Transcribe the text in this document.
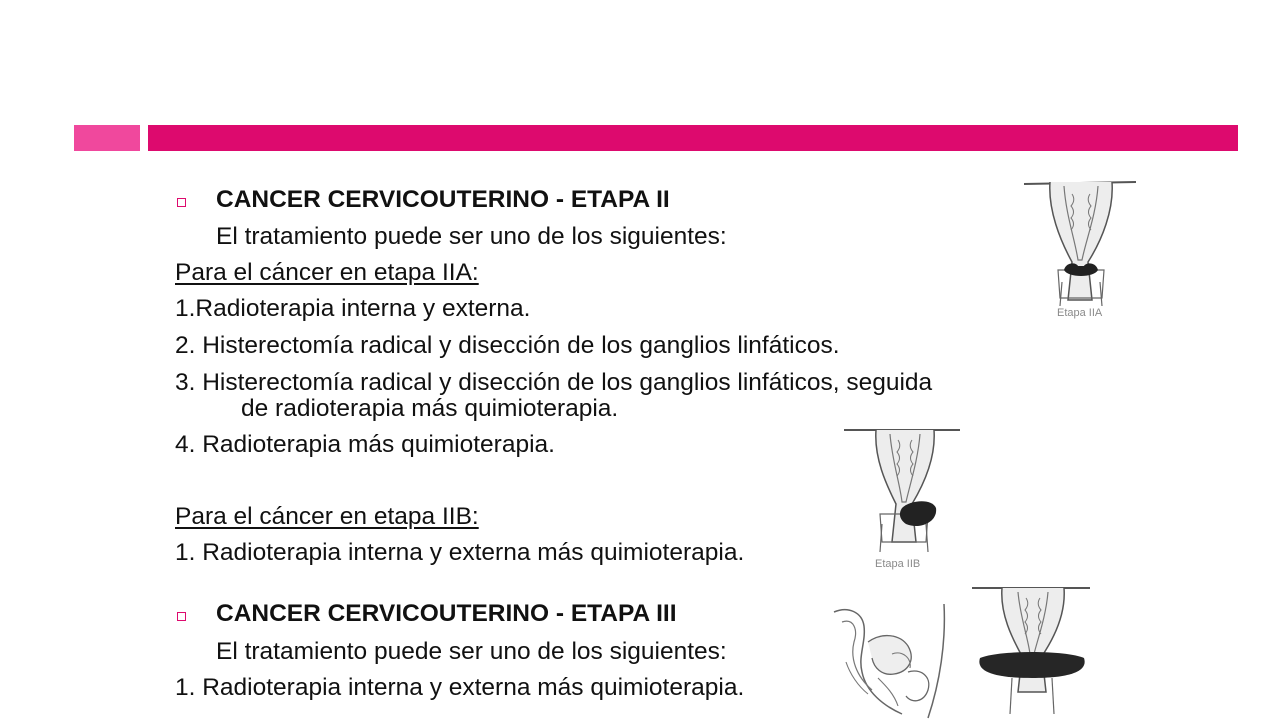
CANCER CERVICOUTERINO - ETAPA II
El tratamiento puede ser uno de los siguientes:
Para el cáncer en etapa IIA:
1.Radioterapia interna y externa.
2. Histerectomía radical y disección de los ganglios linfáticos.
3. Histerectomía radical y disección de los ganglios linfáticos, seguida
de radioterapia más quimioterapia.
4. Radioterapia más quimioterapia.
Para el cáncer en etapa IIB:
1. Radioterapia interna y externa más quimioterapia.
CANCER CERVICOUTERINO - ETAPA III
El tratamiento puede ser uno de los siguientes:
1. Radioterapia interna y externa más quimioterapia.
Etapa IIA
Etapa IIB
